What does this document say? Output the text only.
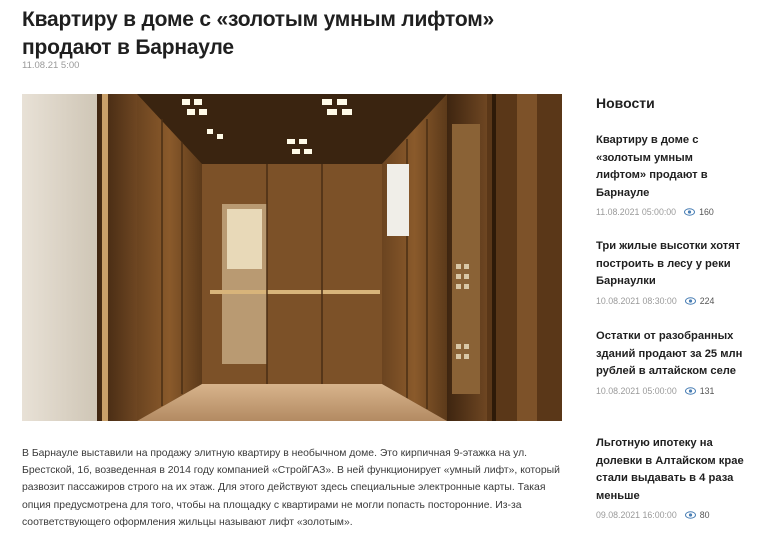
Квартиру в доме с «золотым умным лифтом» продают в Барнауле
11.08.21 5:00

В Барнауле выставили на продажу элитную квартиру в необычном доме. Это кирпичная 9-этажка на ул. Брестской, 1б, возведенная в 2014 году компанией «СтройГАЗ». В ней функционирует «умный лифт», который развозит пассажиров строго на их этаж. Для этого действуют здесь специальные электронные карты. Такая опция предусмотрена для того, чтобы на площадку с квартирами не могли попасть посторонние. Из-за соответствующего оформления жильцы называют лифт «золотым».

Новости
Квартиру в доме с «золотым умным лифтом» продают в Барнауле
11.08.2021 05:00:00	160
Три жилые высотки хотят построить в лесу у реки Барнаулки
10.08.2021 08:30:00	224
Остатки от разобранных зданий продают за 25 млн рублей в алтайском селе
10.08.2021 05:00:00	131
Льготную ипотеку на долевки в Алтайском крае стали выдавать в 4 раза меньше
09.08.2021 16:00:00	80
